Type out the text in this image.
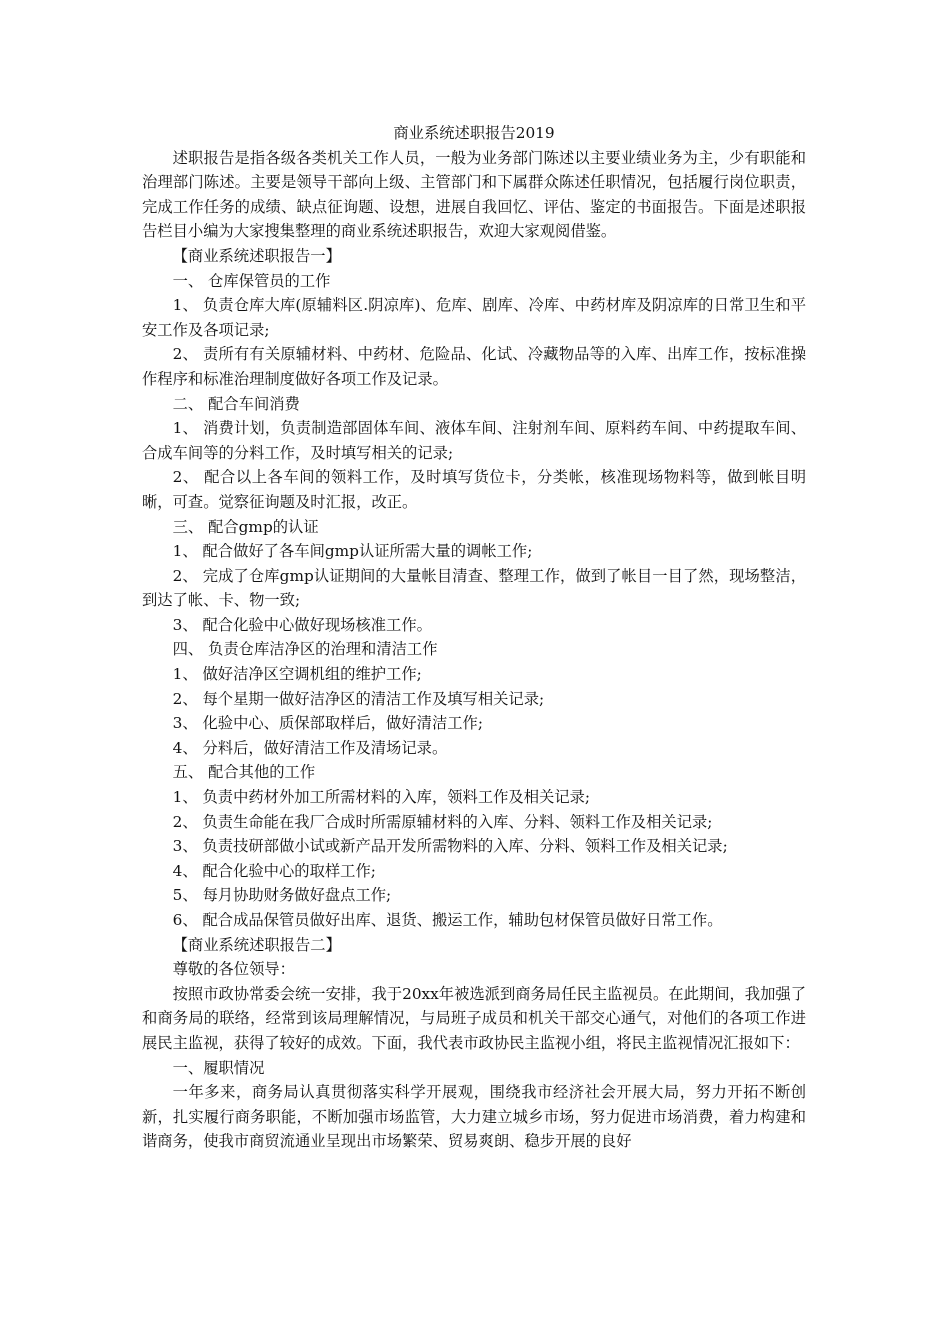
商业系统述职报告2019

述职报告是指各级各类机关工作人员，一般为业务部门陈述以主要业绩业务为主，少有职能和治理部门陈述。主要是领导干部向上级、主管部门和下属群众陈述任职情况，包括履行岗位职责，完成工作任务的成绩、缺点征询题、设想，进展自我回忆、评估、鉴定的书面报告。下面是述职报告栏目小编为大家搜集整理的商业系统述职报告，欢迎大家观阅借鉴。

【商业系统述职报告一】

一、 仓库保管员的工作

1、 负责仓库大库(原辅料区.阴凉库)、危库、剧库、冷库、中药材库及阴凉库的日常卫生和平安工作及各项记录;

2、 责所有有关原辅材料、中药材、危险品、化试、冷藏物品等的入库、出库工作，按标准操作程序和标准治理制度做好各项工作及记录。

二、 配合车间消费

1、 消费计划，负责制造部固体车间、液体车间、注射剂车间、原料药车间、中药提取车间、合成车间等的分料工作，及时填写相关的记录;

2、 配合以上各车间的领料工作，及时填写货位卡，分类帐，核准现场物料等，做到帐目明晰，可查。觉察征询题及时汇报，改正。

三、 配合gmp的认证

1、 配合做好了各车间gmp认证所需大量的调帐工作;

2、 完成了仓库gmp认证期间的大量帐目清查、整理工作，做到了帐目一目了然，现场整洁，到达了帐、卡、物一致;

3、 配合化验中心做好现场核准工作。

四、 负责仓库洁净区的治理和清洁工作

1、 做好洁净区空调机组的维护工作;

2、 每个星期一做好洁净区的清洁工作及填写相关记录;

3、 化验中心、质保部取样后，做好清洁工作;

4、 分料后，做好清洁工作及清场记录。

五、 配合其他的工作

1、 负责中药材外加工所需材料的入库，领料工作及相关记录;

2、 负责生命能在我厂合成时所需原辅材料的入库、分料、领料工作及相关记录;

3、 负责技研部做小试或新产品开发所需物料的入库、分料、领料工作及相关记录;

4、 配合化验中心的取样工作;

5、 每月协助财务做好盘点工作;

6、 配合成品保管员做好出库、退货、搬运工作，辅助包材保管员做好日常工作。

【商业系统述职报告二】

尊敬的各位领导：

按照市政协常委会统一安排，我于20xx年被选派到商务局任民主监视员。在此期间，我加强了和商务局的联络，经常到该局理解情况，与局班子成员和机关干部交心通气，对他们的各项工作进展民主监视，获得了较好的成效。下面，我代表市政协民主监视小组，将民主监视情况汇报如下：

一、履职情况

一年多来，商务局认真贯彻落实科学开展观，围绕我市经济社会开展大局，努力开拓不断创新，扎实履行商务职能，不断加强市场监管，大力建立城乡市场，努力促进市场消费，着力构建和谐商务，使我市商贸流通业呈现出市场繁荣、贸易爽朗、稳步开展的良好
